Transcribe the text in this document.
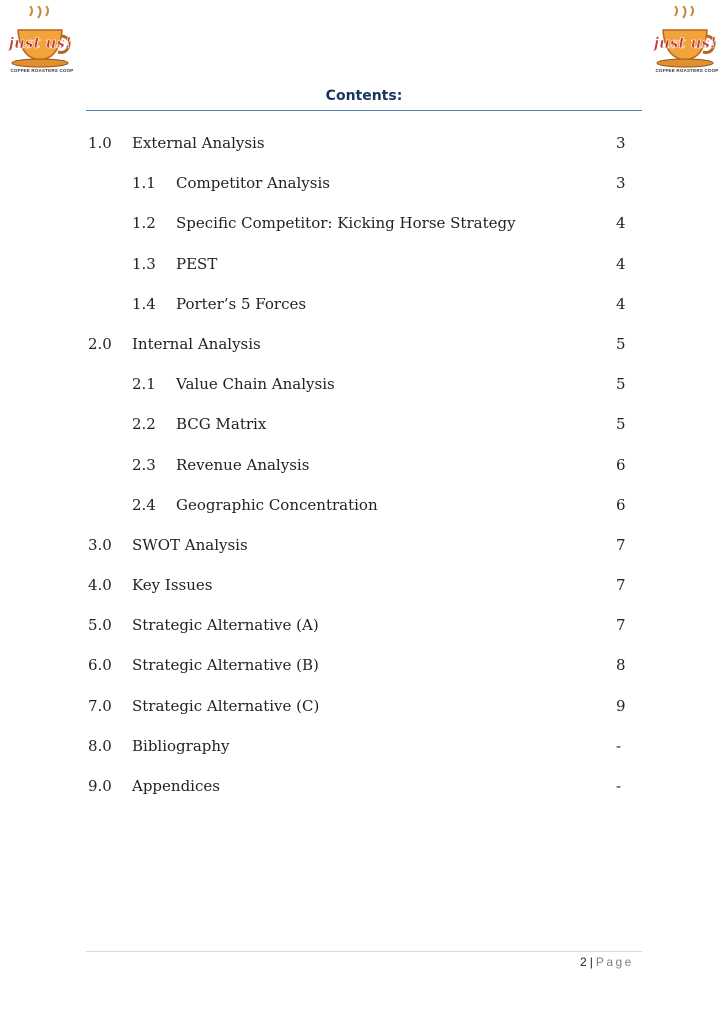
just us!
COFFEE ROASTERS COOP
just us!
COFFEE ROASTERS COOP
Contents:
1.0 External Analysis	3
1.1 Competitor Analysis	3
1.2 Specific Competitor: Kicking Horse Strategy	4
1.3 PEST	4
1.4 Porter’s 5 Forces	4
2.0 Internal Analysis	5
2.1 Value Chain Analysis	5
2.2 BCG Matrix	5
2.3 Revenue Analysis	6
2.4 Geographic Concentration	6
3.0 SWOT Analysis	7
4.0 Key Issues	7
5.0 Strategic Alternative (A)	7
6.0 Strategic Alternative (B)	8
7.0 Strategic Alternative (C)	9
8.0 Bibliography	-
9.0 Appendices	-
2 | Page
